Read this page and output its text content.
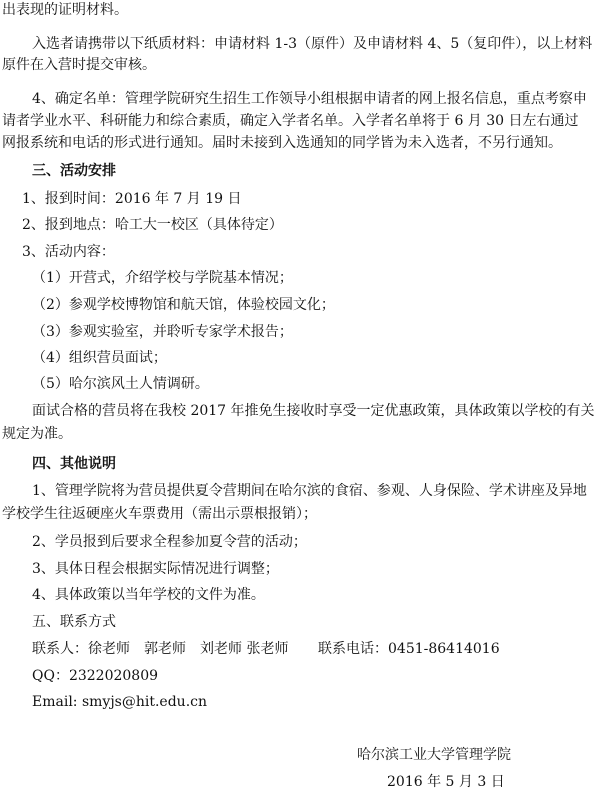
出表现的证明材料。
入选者请携带以下纸质材料：申请材料 1-3（原件）及申请材料 4、5（复印件），以上材料
原件在入营时提交审核。
4、确定名单：管理学院研究生招生工作领导小组根据申请者的网上报名信息，重点考察申
请者学业水平、科研能力和综合素质，确定入学者名单。入学者名单将于 6 月 30 日左右通过
网报系统和电话的形式进行通知。届时未接到入选通知的同学皆为未入选者，不另行通知。
三、活动安排
1、报到时间：2016 年 7 月 19 日
2、报到地点：哈工大一校区（具体待定）
3、活动内容：
（1）开营式，介绍学校与学院基本情况；
（2）参观学校博物馆和航天馆，体验校园文化；
（3）参观实验室，并聆听专家学术报告；
（4）组织营员面试；
（5）哈尔滨风土人情调研。
面试合格的营员将在我校 2017 年推免生接收时享受一定优惠政策，具体政策以学校的有关
规定为准。
四、其他说明
1、管理学院将为营员提供夏令营期间在哈尔滨的食宿、参观、人身保险、学术讲座及异地
学校学生往返硬座火车票费用（需出示票根报销）；
2、学员报到后要求全程参加夏令营的活动；
3、具体日程会根据实际情况进行调整；
4、具体政策以当年学校的文件为准。
五、联系方式
联系人：徐老师　郭老师　刘老师 张老师 联系电话：0451-86414016
QQ：2322020809
Email: smyjs@hit.edu.cn
哈尔滨工业大学管理学院
2016 年 5 月 3 日
